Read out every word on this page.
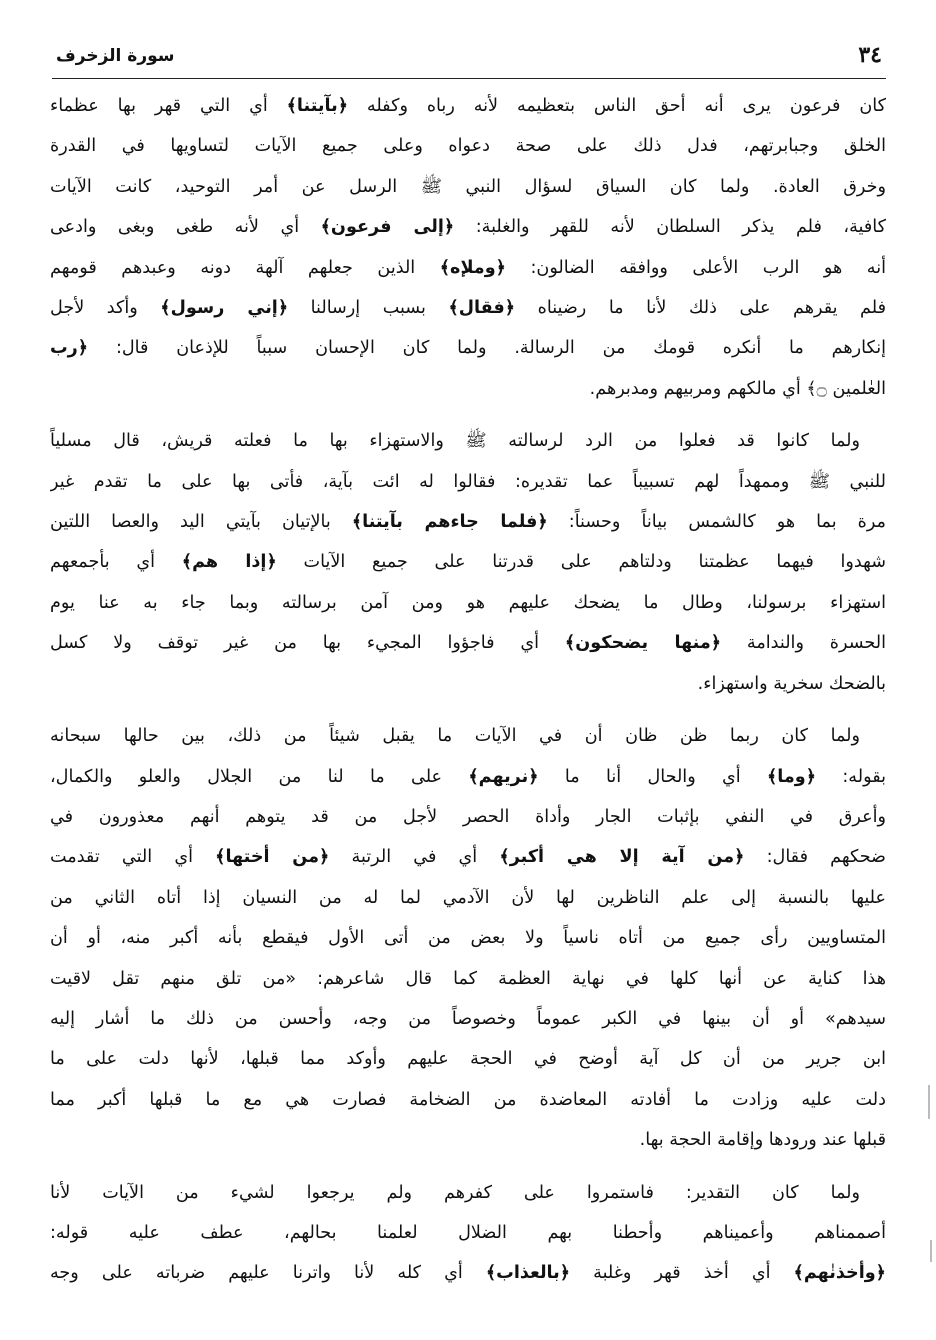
٣٤
سورة الزخرف
كان فرعون يرى أنه أحق الناس بتعظيمه لأنه رباه وكفله ﴿بآيتنا﴾ أي التي قهر بها عظماء
الخلق وجبابرتهم، فدل ذلك على صحة دعواه وعلى جميع الآيات لتساويها في القدرة
وخرق العادة. ولما كان السياق لسؤال النبي ﷺ الرسل عن أمر التوحيد، كانت الآيات
كافية، فلم يذكر السلطان لأنه للقهر والغلبة: ﴿إلى فرعون﴾ أي لأنه طغى وبغى وادعى
أنه هو الرب الأعلى ووافقه الضالون: ﴿وملإه﴾ الذين جعلهم آلهة دونه وعبدهم قومهم
فلم يقرهم على ذلك لأنا ما رضيناه ﴿فقال﴾ بسبب إرسالنا ﴿إني رسول﴾ وأكد لأجل
إنكارهم ما أنكره قومك من الرسالة. ولما كان الإحسان سبباً للإذعان قال: ﴿رب
العٰلمين ۝﴾ أي مالكهم ومربيهم ومدبرهم.
ولما كانوا قد فعلوا من الرد لرسالته ﷺ والاستهزاء بها ما فعلته قريش، قال مسلياً
للنبي ﷺ وممهداً لهم تسبيباً عما تقديره: فقالوا له ائت بآية، فأتى بها على ما تقدم غير
مرة بما هو كالشمس بياناً وحسناً: ﴿فلما جاءهم بآيتنا﴾ بالإتيان بآيتي اليد والعصا اللتين
شهدوا فيهما عظمتنا ودلتاهم على قدرتنا على جميع الآيات ﴿إذا هم﴾ أي بأجمعهم
استهزاء برسولنا، وطال ما يضحك عليهم هو ومن آمن برسالته وبما جاء به عنا يوم
الحسرة والندامة ﴿منها يضحكون﴾ أي فاجؤوا المجيء بها من غير توقف ولا كسل
بالضحك سخرية واستهزاء.
ولما كان ربما ظن ظان أن في الآيات ما يقبل شيئاً من ذلك، بين حالها سبحانه
بقوله: ﴿وما﴾ أي والحال أنا ما ﴿نريهم﴾ على ما لنا من الجلال والعلو والكمال،
وأعرق في النفي بإثبات الجار وأداة الحصر لأجل من قد يتوهم أنهم معذورون في
ضحكهم فقال: ﴿من آية إلا هي أكبر﴾ أي في الرتبة ﴿من أختها﴾ أي التي تقدمت
عليها بالنسبة إلى علم الناظرين لها لأن الآدمي لما له من النسيان إذا أتاه الثاني من
المتساويين رأى جميع من أتاه ناسياً ولا بعض من أتى الأول فيقطع بأنه أكبر منه، أو أن
هذا كناية عن أنها كلها في نهاية العظمة كما قال شاعرهم: «من تلق منهم تقل لاقيت
سيدهم» أو أن بينها في الكبر عموماً وخصوصاً من وجه، وأحسن من ذلك ما أشار إليه
ابن جرير من أن كل آية أوضح في الحجة عليهم وأوكد مما قبلها، لأنها دلت على ما
دلت عليه وزادت ما أفادته المعاضدة من الضخامة فصارت هي مع ما قبلها أكبر مما
قبلها عند ورودها وإقامة الحجة بها.
ولما كان التقدير: فاستمروا على كفرهم ولم يرجعوا لشيء من الآيات لأنا
أصممناهم وأعميناهم وأحطنا بهم الضلال لعلمنا بحالهم، عطف عليه قوله:
﴿وأخذنٰهم﴾ أي أخذ قهر وغلبة ﴿بالعذاب﴾ أي كله لأنا واترنا عليهم ضرباته على وجه
